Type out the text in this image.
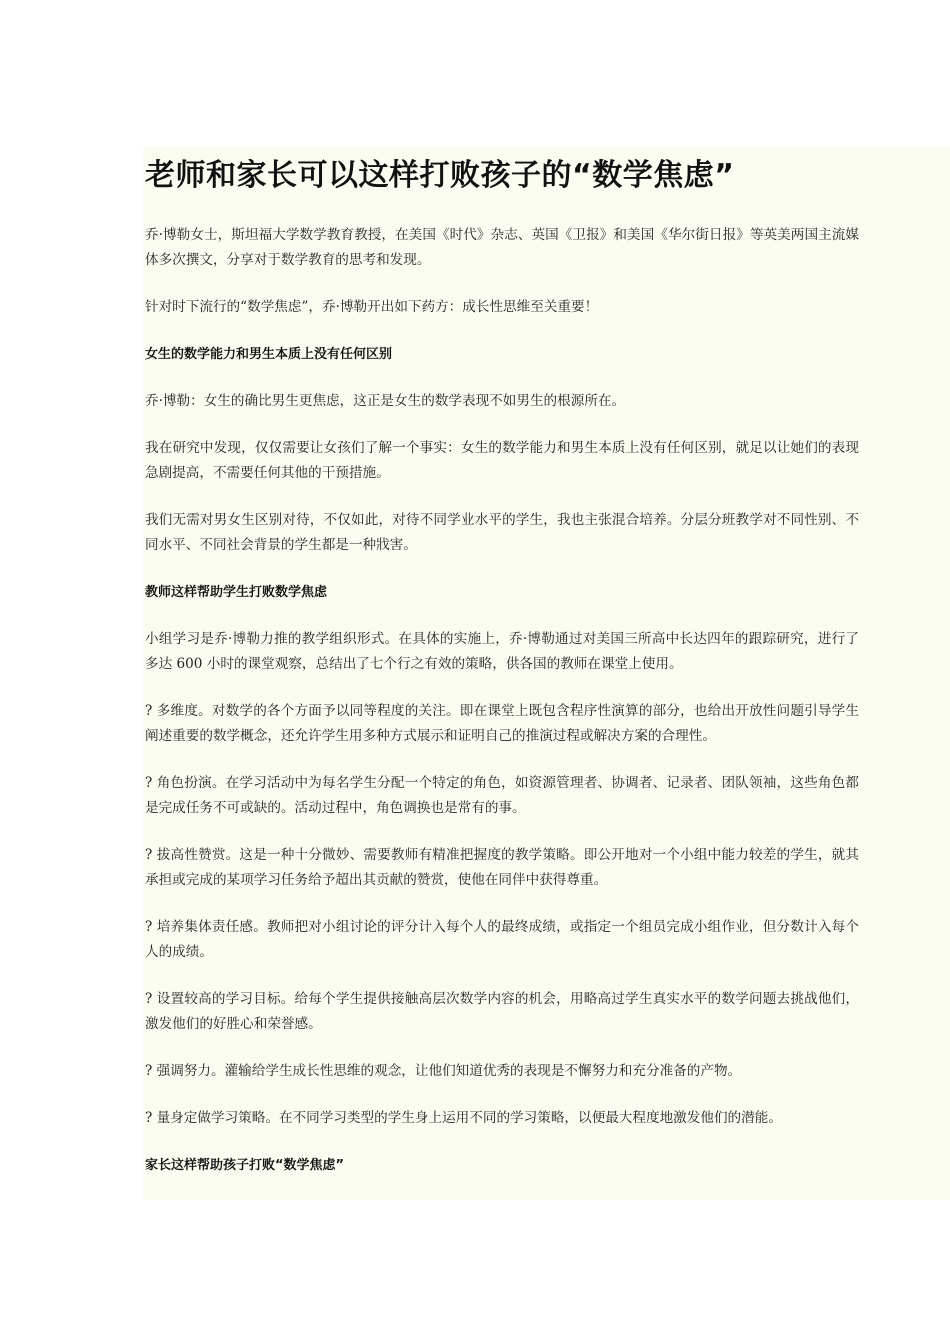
老师和家长可以这样打败孩子的“数学焦虑”

乔·博勒女士，斯坦福大学数学教育教授，在美国《时代》杂志、英国《卫报》和美国《华尔街日报》等英美两国主流媒体多次撰文，分享对于数学教育的思考和发现。

针对时下流行的“数学焦虑”，乔·博勒开出如下药方：成长性思维至关重要！

女生的数学能力和男生本质上没有任何区别

乔·博勒：女生的确比男生更焦虑，这正是女生的数学表现不如男生的根源所在。

我在研究中发现，仅仅需要让女孩们了解一个事实：女生的数学能力和男生本质上没有任何区别，就足以让她们的表现急剧提高，不需要任何其他的干预措施。

我们无需对男女生区别对待，不仅如此，对待不同学业水平的学生，我也主张混合培养。分层分班教学对不同性别、不同水平、不同社会背景的学生都是一种戕害。

教师这样帮助学生打败数学焦虑

小组学习是乔·博勒力推的教学组织形式。在具体的实施上，乔·博勒通过对美国三所高中长达四年的跟踪研究，进行了多达 600 小时的课堂观察，总结出了七个行之有效的策略，供各国的教师在课堂上使用。

? 多维度。对数学的各个方面予以同等程度的关注。即在课堂上既包含程序性演算的部分，也给出开放性问题引导学生阐述重要的数学概念，还允许学生用多种方式展示和证明自己的推演过程或解决方案的合理性。

? 角色扮演。在学习活动中为每名学生分配一个特定的角色，如资源管理者、协调者、记录者、团队领袖，这些角色都是完成任务不可或缺的。活动过程中，角色调换也是常有的事。

? 拔高性赞赏。这是一种十分微妙、需要教师有精准把握度的教学策略。即公开地对一个小组中能力较差的学生，就其承担或完成的某项学习任务给予超出其贡献的赞赏，使他在同伴中获得尊重。

? 培养集体责任感。教师把对小组讨论的评分计入每个人的最终成绩，或指定一个组员完成小组作业，但分数计入每个人的成绩。

? 设置较高的学习目标。给每个学生提供接触高层次数学内容的机会，用略高过学生真实水平的数学问题去挑战他们，激发他们的好胜心和荣誉感。

? 强调努力。灌输给学生成长性思维的观念，让他们知道优秀的表现是不懈努力和充分准备的产物。

? 量身定做学习策略。在不同学习类型的学生身上运用不同的学习策略，以便最大程度地激发他们的潜能。

家长这样帮助孩子打败“数学焦虑”
